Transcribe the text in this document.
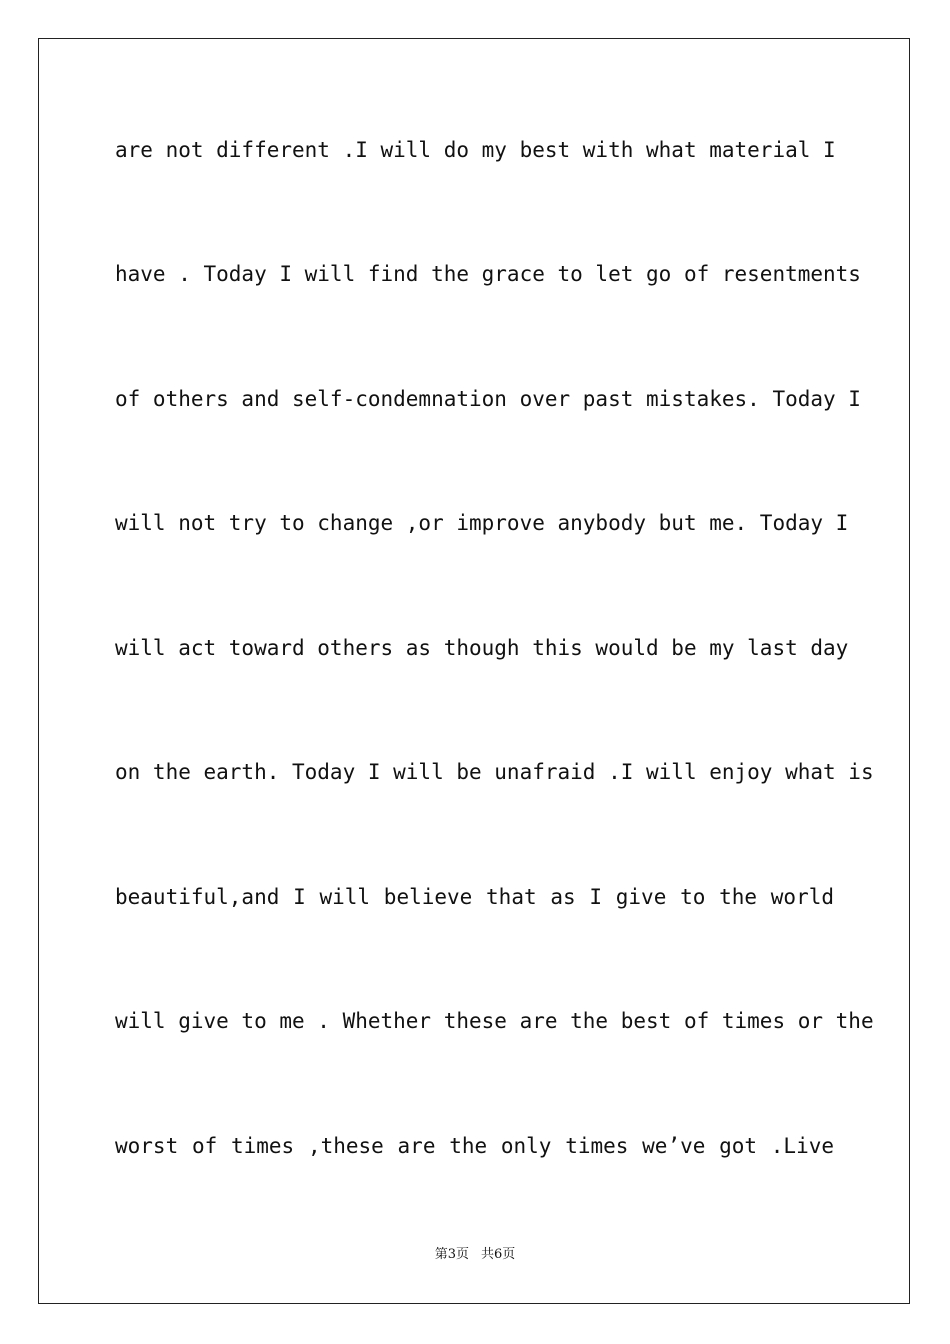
are not different .I will do my best with what material I

have . Today I will find the grace to let go of resentments

of others and self-condemnation over past mistakes. Today I

will not try to change ,or improve anybody but me. Today I

will act toward others as though this would be my last day

on the earth. Today I will be unafraid .I will enjoy what is

beautiful,and I will believe that as I give to the world

will give to me . Whether these are the best of times or the

worst of times ,these are the only times we’ve got .Live

第3页 共6页
